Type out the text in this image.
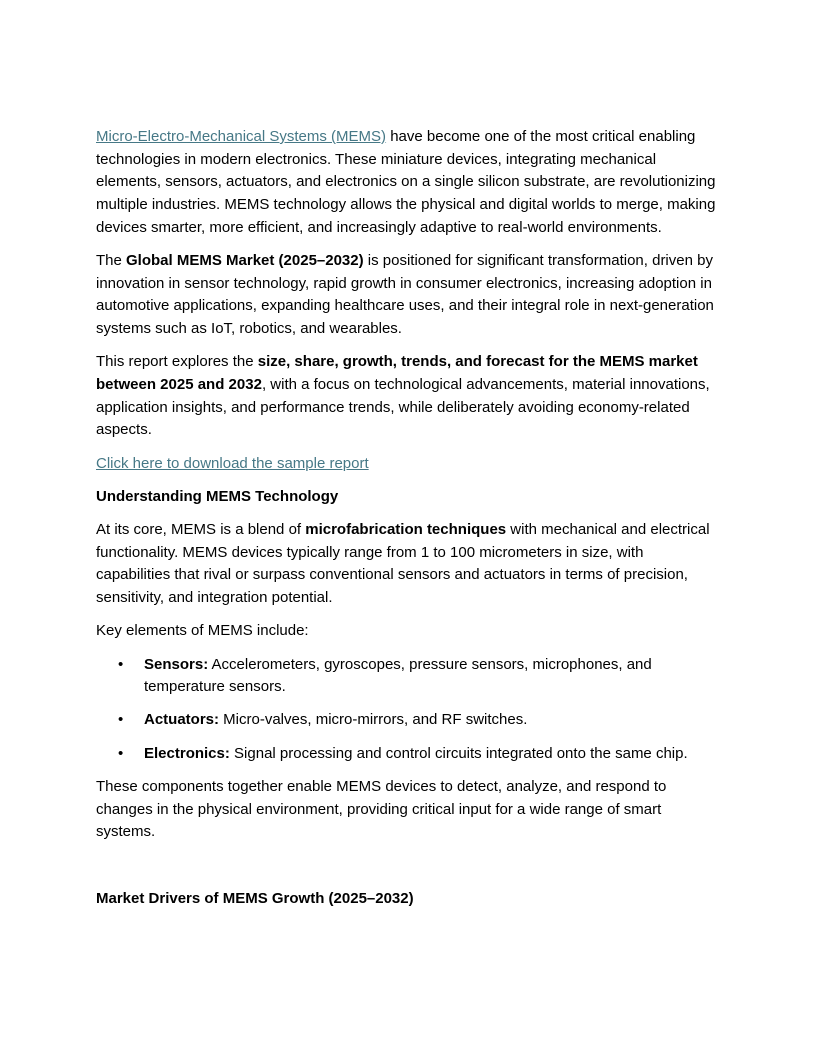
Micro-Electro-Mechanical Systems (MEMS) have become one of the most critical enabling technologies in modern electronics. These miniature devices, integrating mechanical elements, sensors, actuators, and electronics on a single silicon substrate, are revolutionizing multiple industries. MEMS technology allows the physical and digital worlds to merge, making devices smarter, more efficient, and increasingly adaptive to real-world environments.

The Global MEMS Market (2025–2032) is positioned for significant transformation, driven by innovation in sensor technology, rapid growth in consumer electronics, increasing adoption in automotive applications, expanding healthcare uses, and their integral role in next-generation systems such as IoT, robotics, and wearables.

This report explores the size, share, growth, trends, and forecast for the MEMS market between 2025 and 2032, with a focus on technological advancements, material innovations, application insights, and performance trends, while deliberately avoiding economy-related aspects.

Click here to download the sample report

Understanding MEMS Technology

At its core, MEMS is a blend of microfabrication techniques with mechanical and electrical functionality. MEMS devices typically range from 1 to 100 micrometers in size, with capabilities that rival or surpass conventional sensors and actuators in terms of precision, sensitivity, and integration potential.

Key elements of MEMS include:

• Sensors: Accelerometers, gyroscopes, pressure sensors, microphones, and temperature sensors.
• Actuators: Micro-valves, micro-mirrors, and RF switches.
• Electronics: Signal processing and control circuits integrated onto the same chip.

These components together enable MEMS devices to detect, analyze, and respond to changes in the physical environment, providing critical input for a wide range of smart systems.

Market Drivers of MEMS Growth (2025–2032)
